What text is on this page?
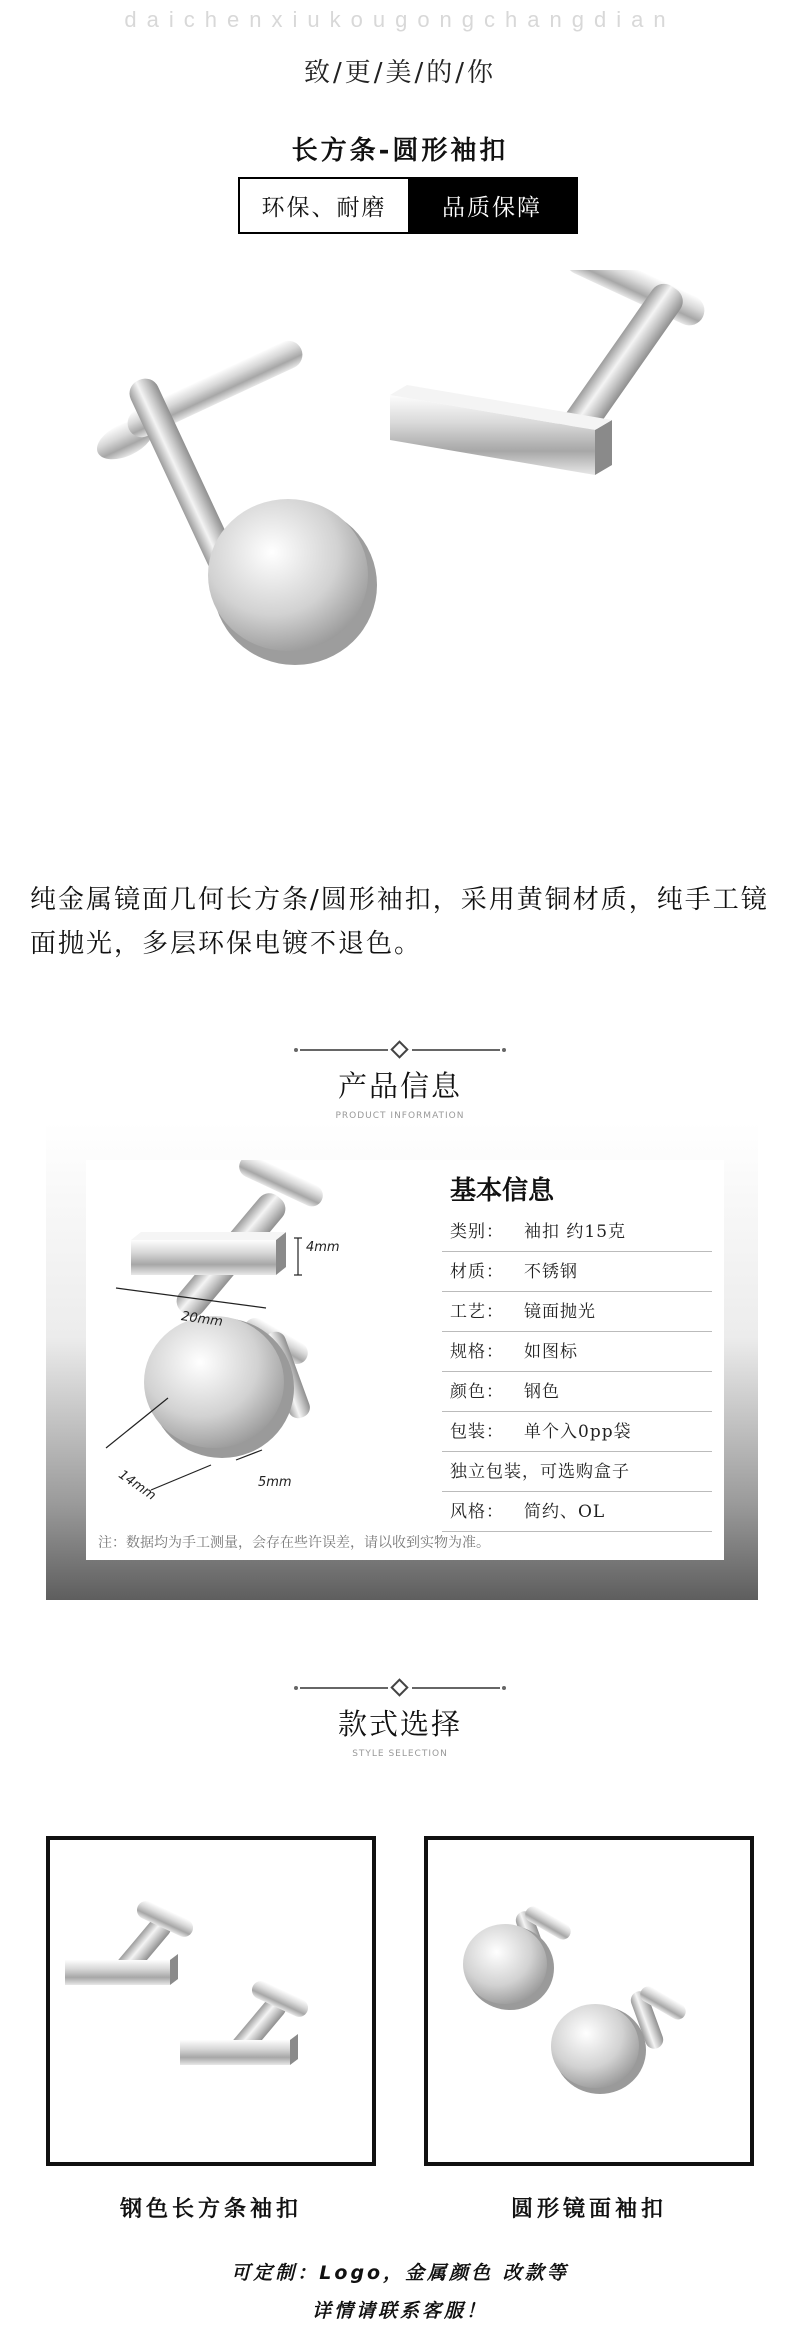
daichenxiukougongchangdian
致/更/美/的/你
长方条-圆形袖扣
环保、耐磨	品质保障
纯金属镜面几何长方条/圆形袖扣，采用黄铜材质，纯手工镜面抛光，多层环保电镀不退色。
产品信息
PRODUCT INFORMATION
4mm
20mm
14mm	5mm
基本信息
类别： 袖扣 约15克
材质： 不锈钢
工艺： 镜面抛光
规格： 如图标
颜色： 钢色
包装： 单个入0pp袋
独立包装，可选购盒子
风格： 简约、OL
注：数据均为手工测量，会存在些许误差，请以收到实物为准。
款式选择
STYLE SELECTION
钢色长方条袖扣	圆形镜面袖扣
可定制：Logo，金属颜色 改款等
详情请联系客服！
